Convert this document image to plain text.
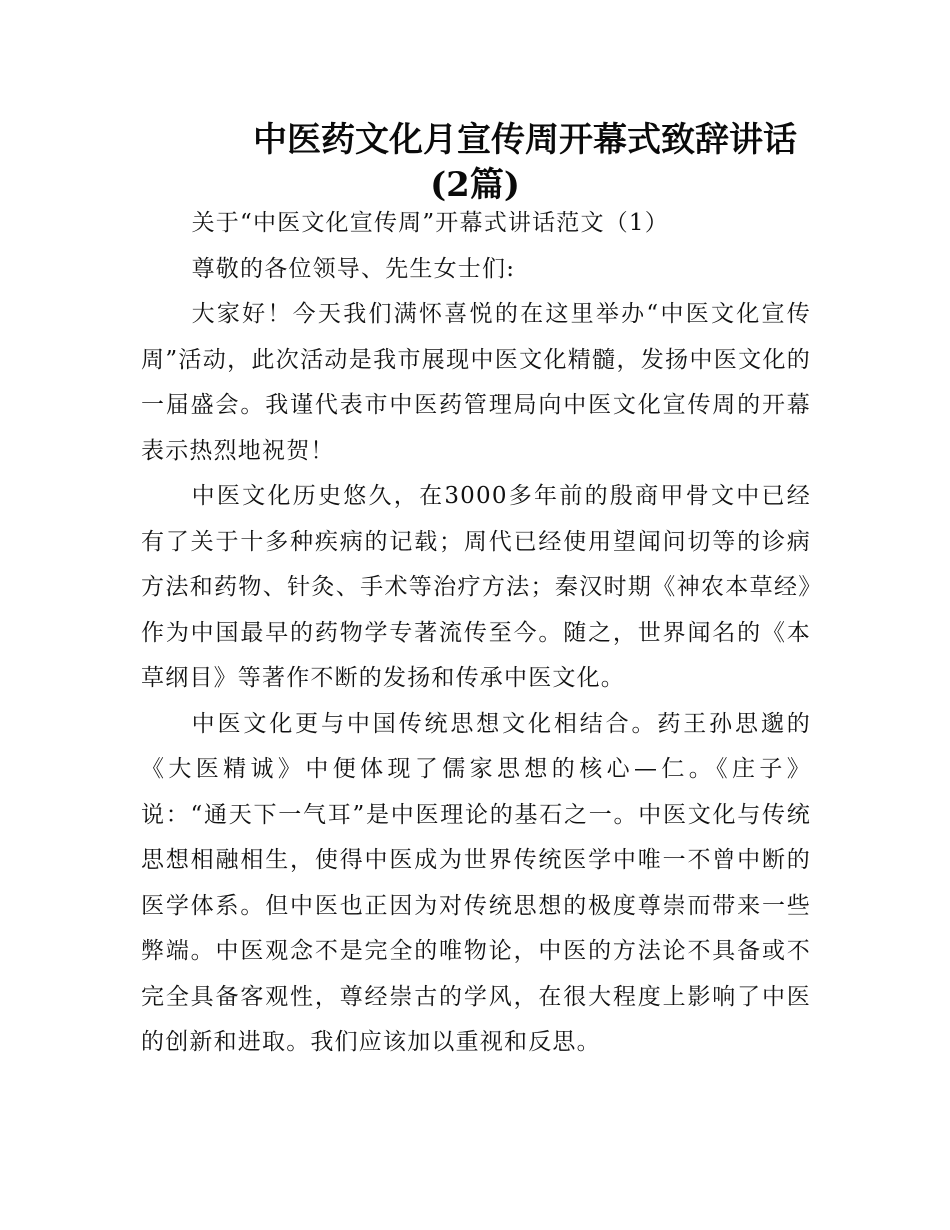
中医药文化月宣传周开幕式致辞讲话
(2篇)

关于“中医文化宣传周”开幕式讲话范文（1）

尊敬的各位领导、先生女士们:

大家好！今天我们满怀喜悦的在这里举办“中医文化宣传周”活动，此次活动是我市展现中医文化精髓，发扬中医文化的一届盛会。我谨代表市中医药管理局向中医文化宣传周的开幕表示热烈地祝贺！

中医文化历史悠久，在3000多年前的殷商甲骨文中已经有了关于十多种疾病的记载；周代已经使用望闻问切等的诊病方法和药物、针灸、手术等治疗方法；秦汉时期《神农本草经》作为中国最早的药物学专著流传至今。随之，世界闻名的《本草纲目》等著作不断的发扬和传承中医文化。

中医文化更与中国传统思想文化相结合。药王孙思邈的《大医精诚》中便体现了儒家思想的核心—仁。《庄子》说：“通天下一气耳”是中医理论的基石之一。中医文化与传统思想相融相生，使得中医成为世界传统医学中唯一不曾中断的医学体系。但中医也正因为对传统思想的极度尊崇而带来一些弊端。中医观念不是完全的唯物论，中医的方法论不具备或不完全具备客观性，尊经崇古的学风，在很大程度上影响了中医的创新和进取。我们应该加以重视和反思。
